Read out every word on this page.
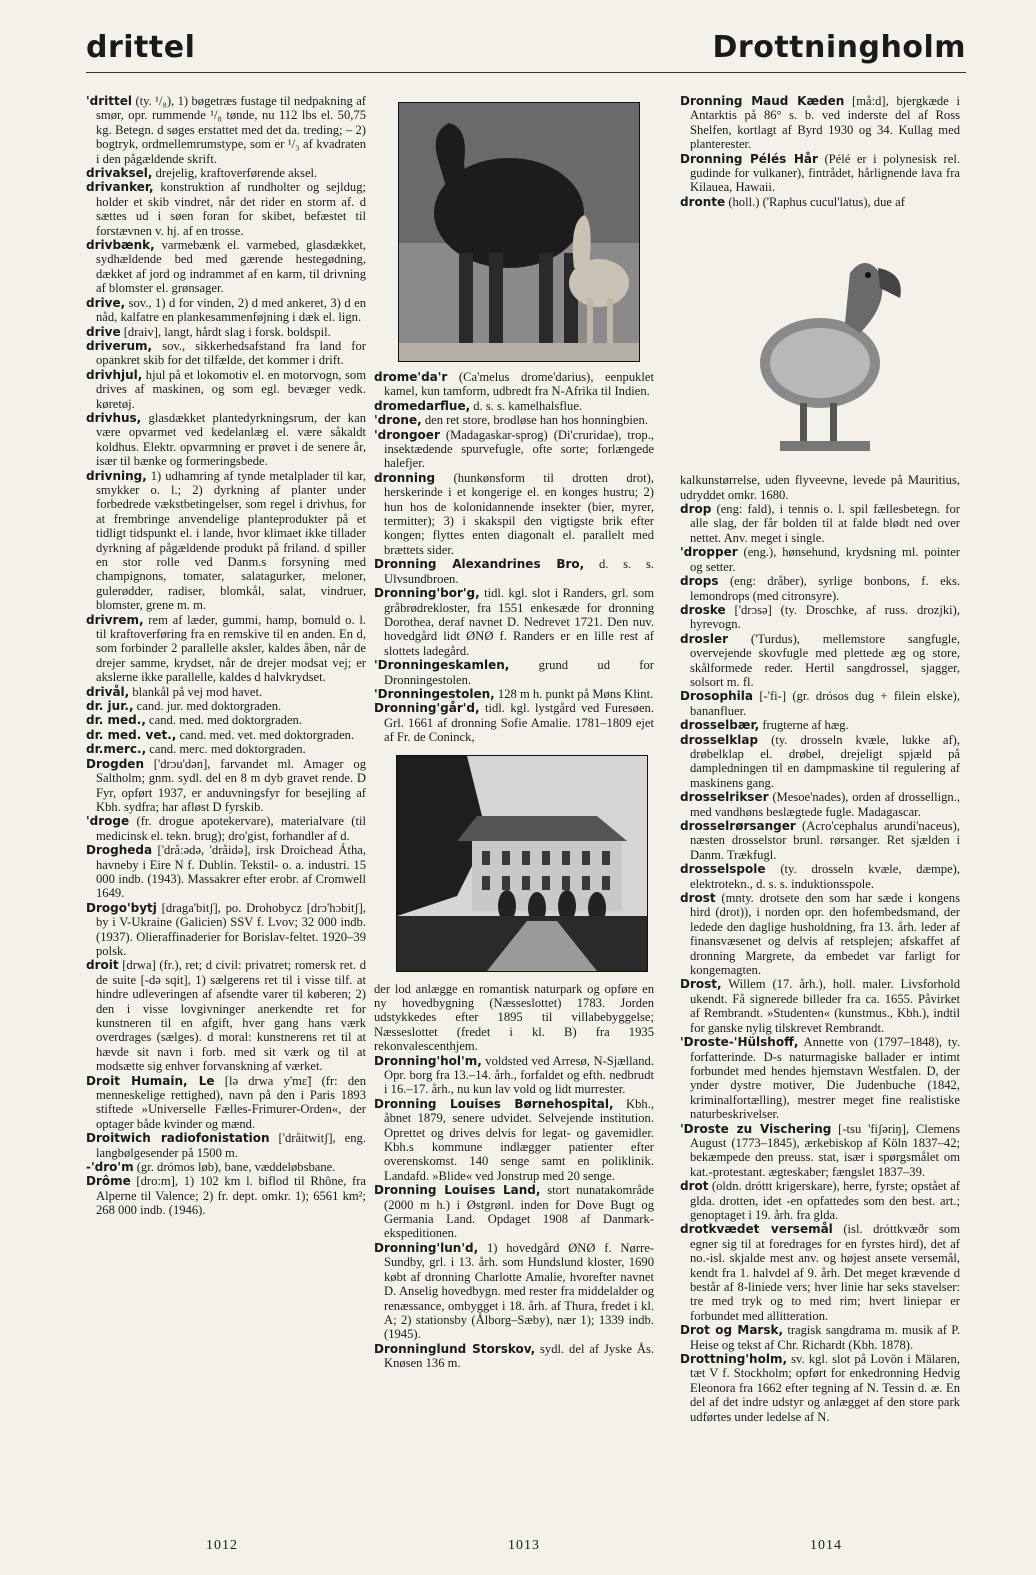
drittel	Drottningholm
'drittel (ty. ¹/₈), 1) bøgetræs fustage til nedpakning af smør, opr. rummende ¹/₈ tønde, nu 112 lbs el. 50,75 kg. Betegn. d søges erstattet med det da. treding; – 2) bogtryk, ordmellemrumstype, som er ¹/₃ af kvadraten i den pågældende skrift.
drivaksel, drejelig, kraftoverførende aksel.
drivanker, konstruktion af rundholter og sejldug; holder et skib vindret, når det rider en storm af. d sættes ud i søen foran for skibet, befæstet til forstævnen v. hj. af en trosse.
drivbænk, varmebænk el. varmebed, glasdækket, sydhældende bed med gærende hestegødning, dækket af jord og indrammet af en karm, til drivning af blomster el. grønsager.
drive, sov., 1) d for vinden, 2) d med ankeret, 3) d en nåd, kalfatre en plankesammenføjning i dæk el. lign.
drive [draiv], langt, hårdt slag i forsk. boldspil.
driverum, sov., sikkerhedsafstand fra land for opankret skib for det tilfælde, det kommer i drift.
drivhjul, hjul på et lokomotiv el. en motorvogn, som drives af maskinen, og som egl. bevæger vedk. køretøj.
drivhus, glasdækket plantedyrkningsrum, der kan være opvarmet ved kedelanlæg el. være såkaldt koldhus. Elektr. opvarmning er prøvet i de senere år, især til bænke og formeringsbede.
drivning, 1) udhamring af tynde metalplader til kar, smykker o. l.; 2) dyrkning af planter under forbedrede vækstbetingelser, som regel i drivhus, for at frembringe anvendelige planteprodukter på et tidligt tidspunkt el. i lande, hvor klimaet ikke tillader dyrkning af pågældende produkt på friland. d spiller en stor rolle ved Danm.s forsyning med champignons, tomater, salatagurker, meloner, gulerødder, radiser, blomkål, salat, vindruer, blomster, grene m. m.
drivrem, rem af læder, gummi, hamp, bomuld o. l. til kraftoverføring fra en remskive til en anden. En d, som forbinder 2 parallelle aksler, kaldes åben, når de drejer samme, krydset, når de drejer modsat vej; er akslerne ikke parallelle, kaldes d halvkrydset.
drivål, blankål på vej mod havet.
dr. jur., cand. jur. med doktorgraden.
dr. med., cand. med. med doktorgraden.
dr. med. vet., cand. med. vet. med doktorgraden.
dr.merc., cand. merc. med doktorgraden.
Drogden ['drɔu'dən], farvandet ml. Amager og Saltholm; gnm. sydl. del en 8 m dyb gravet rende. D Fyr, opført 1937, er anduvningsfyr for besejling af Kbh. sydfra; har afløst D fyrskib.
'droge (fr. drogue apotekervare), materialvare (til medicinsk el. tekn. brug); dro'gist, forhandler af d.
Drogheda ['drå:ədə, 'dråidə], irsk Droichead Átha, havneby i Eire N f. Dublin. Tekstil- o. a. industri. 15 000 indb. (1943). Massakrer efter erobr. af Cromwell 1649.
Drogo'bytj [draga'bitʃ], po. Drohobycz [drɔ'hɔbitʃ], by i V-Ukraine (Galicien) SSV f. Lvov; 32 000 indb. (1937). Olieraffinaderier for Borislav-feltet. 1920–39 polsk.
droit [drwa] (fr.), ret; d civil: privatret; romersk ret. d de suite [-də sqit], 1) sælgerens ret til i visse tilf. at hindre udleveringen af afsendte varer til køberen; 2) den i visse lovgivninger anerkendte ret for kunstneren til en afgift, hver gang hans værk overdrages (sælges). d moral: kunstnerens ret til at hævde sit navn i forb. med sit værk og til at modsætte sig enhver forvanskning af værket.
Droit Humain, Le [lə drwa y'mɛ̃] (fr: den menneskelige rettighed), navn på den i Paris 1893 stiftede »Universelle Fælles-Frimurer-Orden«, der optager både kvinder og mænd.
Droitwich radiofonistation ['dråitwitʃ], eng. langbølgesender på 1500 m.
-'dro'm (gr. drómos løb), bane, væddeløbsbane.
Drôme [dro:m], 1) 102 km l. biflod til Rhône, fra Alperne til Valence; 2) fr. dept. omkr. 1); 6561 km²; 268 000 indb. (1946).
drome'da'r (Ca'melus drome'darius), eenpuklet kamel, kun tamform, udbredt fra N-Afrika til Indien.
dromedarflue, d. s. s. kamelhalsflue.
'drone, den ret store, brodløse han hos honningbien.
'drongoer (Madagaskar-sprog) (Di'cruridae), trop., insektædende spurvefugle, ofte sorte; forlængede halefjer.
dronning (hunkønsform til drotten drot), herskerinde i et kongerige el. en konges hustru; 2) hun hos de kolonidannende insekter (bier, myrer, termitter); 3) i skakspil den vigtigste brik efter kongen; flyttes enten diagonalt el. parallelt med brættets sider.
Dronning Alexandrines Bro, d. s. s. Ulvsundbroen.
Dronning'bor'g, tidl. kgl. slot i Randers, grl. som gråbrødrekloster, fra 1551 enkesæde for dronning Dorothea, deraf navnet D. Nedrevet 1721. Den nuv. hovedgård lidt ØNØ f. Randers er en lille rest af slottets ladegård.
'Dronningeskamlen, grund ud for Dronningestolen.
'Dronningestolen, 128 m h. punkt på Møns Klint.
Dronning'går'd, tidl. kgl. lystgård ved Furesøen. Grl. 1661 af dronning Sofie Amalie. 1781–1809 ejet af Fr. de Coninck,
der lod anlægge en romantisk naturpark og opføre en ny hovedbygning (Næsseslottet) 1783. Jorden udstykkedes efter 1895 til villabebyggelse; Næsseslottet (fredet i kl. B) fra 1935 rekonvalescenthjem.
Dronning'hol'm, voldsted ved Arresø, N-Sjælland. Opr. borg fra 13.–14. årh., forfaldet og efth. nedbrudt i 16.–17. årh., nu kun lav vold og lidt murrester.
Dronning Louises Børnehospital, Kbh., åbnet 1879, senere udvidet. Selvejende institution. Oprettet og drives delvis for legat- og gavemidler. Kbh.s kommune indlægger patienter efter overenskomst. 140 senge samt en poliklinik. Landafd. »Blide« ved Jonstrup med 20 senge.
Dronning Louises Land, stort nunatakområde (2000 m h.) i Østgrønl. inden for Dove Bugt og Germania Land. Opdaget 1908 af Danmark-ekspeditionen.
Dronning'lun'd, 1) hovedgård ØNØ f. Nørre-Sundby, grl. i 13. årh. som Hundslund kloster, 1690 købt af dronning Charlotte Amalie, hvorefter navnet D. Anselig hovedbygn. med rester fra middelalder og renæssance, ombygget i 18. årh. af Thura, fredet i kl. A; 2) stationsby (Ålborg–Sæby), nær 1); 1339 indb. (1945).
Dronninglund Storskov, sydl. del af Jyske Ås. Knøsen 136 m.
Dronning Maud Kæden [må:d], bjergkæde i Antarktis på 86° s. b. ved inderste del af Ross Shelfen, kortlagt af Byrd 1930 og 34. Kullag med planterester.
Dronning Pélés Hår (Pélé er i polynesisk rel. gudinde for vulkaner), fintrådet, hårlignende lava fra Kilauea, Hawaii.
dronte (holl.) ('Raphus cucul'latus), due af
kalkunstørrelse, uden flyveevne, levede på Mauritius, udryddet omkr. 1680.
drop (eng: fald), i tennis o. l. spil fællesbetegn. for alle slag, der får bolden til at falde blødt ned over nettet. Anv. meget i single.
'dropper (eng.), hønsehund, krydsning ml. pointer og setter.
drops (eng: dråber), syrlige bonbons, f. eks. lemondrops (med citronsyre).
droske ['drɔsə] (ty. Droschke, af russ. drozjki), hyrevogn.
drosler ('Turdus), mellemstore sangfugle, overvejende skovfugle med plettede æg og store, skålformede reder. Hertil sangdrossel, sjagger, solsort m. fl.
Drosophila [-'fi-] (gr. drósos dug + filein elske), bananfluer.
drosselbær, frugterne af hæg.
drosselklap (ty. drosseln kvæle, lukke af), drøbelklap el. drøbel, drejeligt spjæld på dampledningen til en dampmaskine til regulering af maskinens gang.
drosselrikser (Mesoe'nades), orden af drossellign., med vandhøns beslægtede fugle. Madagascar.
drosselrørsanger (Acro'cephalus arundi'naceus), næsten drosselstor brunl. rørsanger. Ret sjælden i Danm. Trækfugl.
drosselspole (ty. drosseln kvæle, dæmpe), elektrotekn., d. s. s. induktionsspole.
drost (mnty. drotsete den som har sæde i kongens hird (drot)), i norden opr. den hofembedsmand, der ledede den daglige husholdning, fra 13. årh. leder af finansvæsenet og delvis af retsplejen; afskaffet af dronning Margrete, da embedet var farligt for kongemagten.
Drost, Willem (17. årh.), holl. maler. Livsforhold ukendt. Få signerede billeder fra ca. 1655. Påvirket af Rembrandt. »Studenten« (kunstmus., Kbh.), indtil for ganske nylig tilskrevet Rembrandt.
'Droste-'Hülshoff, Annette von (1797–1848), ty. forfatterinde. D-s naturmagiske ballader er intimt forbundet med hendes hjemstavn Westfalen. D, der ynder dystre motiver, Die Judenbuche (1842, kriminalfortælling), mestrer meget fine realistiske naturbeskrivelser.
'Droste zu Vischering [-tsu 'fiʃəriŋ], Clemens August (1773–1845), ærkebiskop af Köln 1837–42; bekæmpede den preuss. stat, især i spørgsmålet om kat.-protestant. ægteskaber; fængslet 1837–39.
drot (oldn. dróttt krigerskare), herre, fyrste; opstået af glda. drotten, idet -en opfattedes som den best. art.; genoptaget i 19. årh. fra glda.
drotkvædet versemål (isl. dróttkvæðr som egner sig til at foredrages for en fyrstes hird), det af no.-isl. skjalde mest anv. og højest ansete versemål, kendt fra 1. halvdel af 9. årh. Det meget krævende d består af 8-liniede vers; hver linie har seks stavelser: tre med tryk og to med rim; hvert liniepar er forbundet med allitteration.
Drot og Marsk, tragisk sangdrama m. musik af P. Heise og tekst af Chr. Richardt (Kbh. 1878).
Drottning'holm, sv. kgl. slot på Lovön i Mälaren, tæt V f. Stockholm; opført for enkedronning Hedvig Eleonora fra 1662 efter tegning af N. Tessin d. æ. En del af det indre udstyr og anlægget af den store park udførtes under ledelse af N.
1012	1013	1014
